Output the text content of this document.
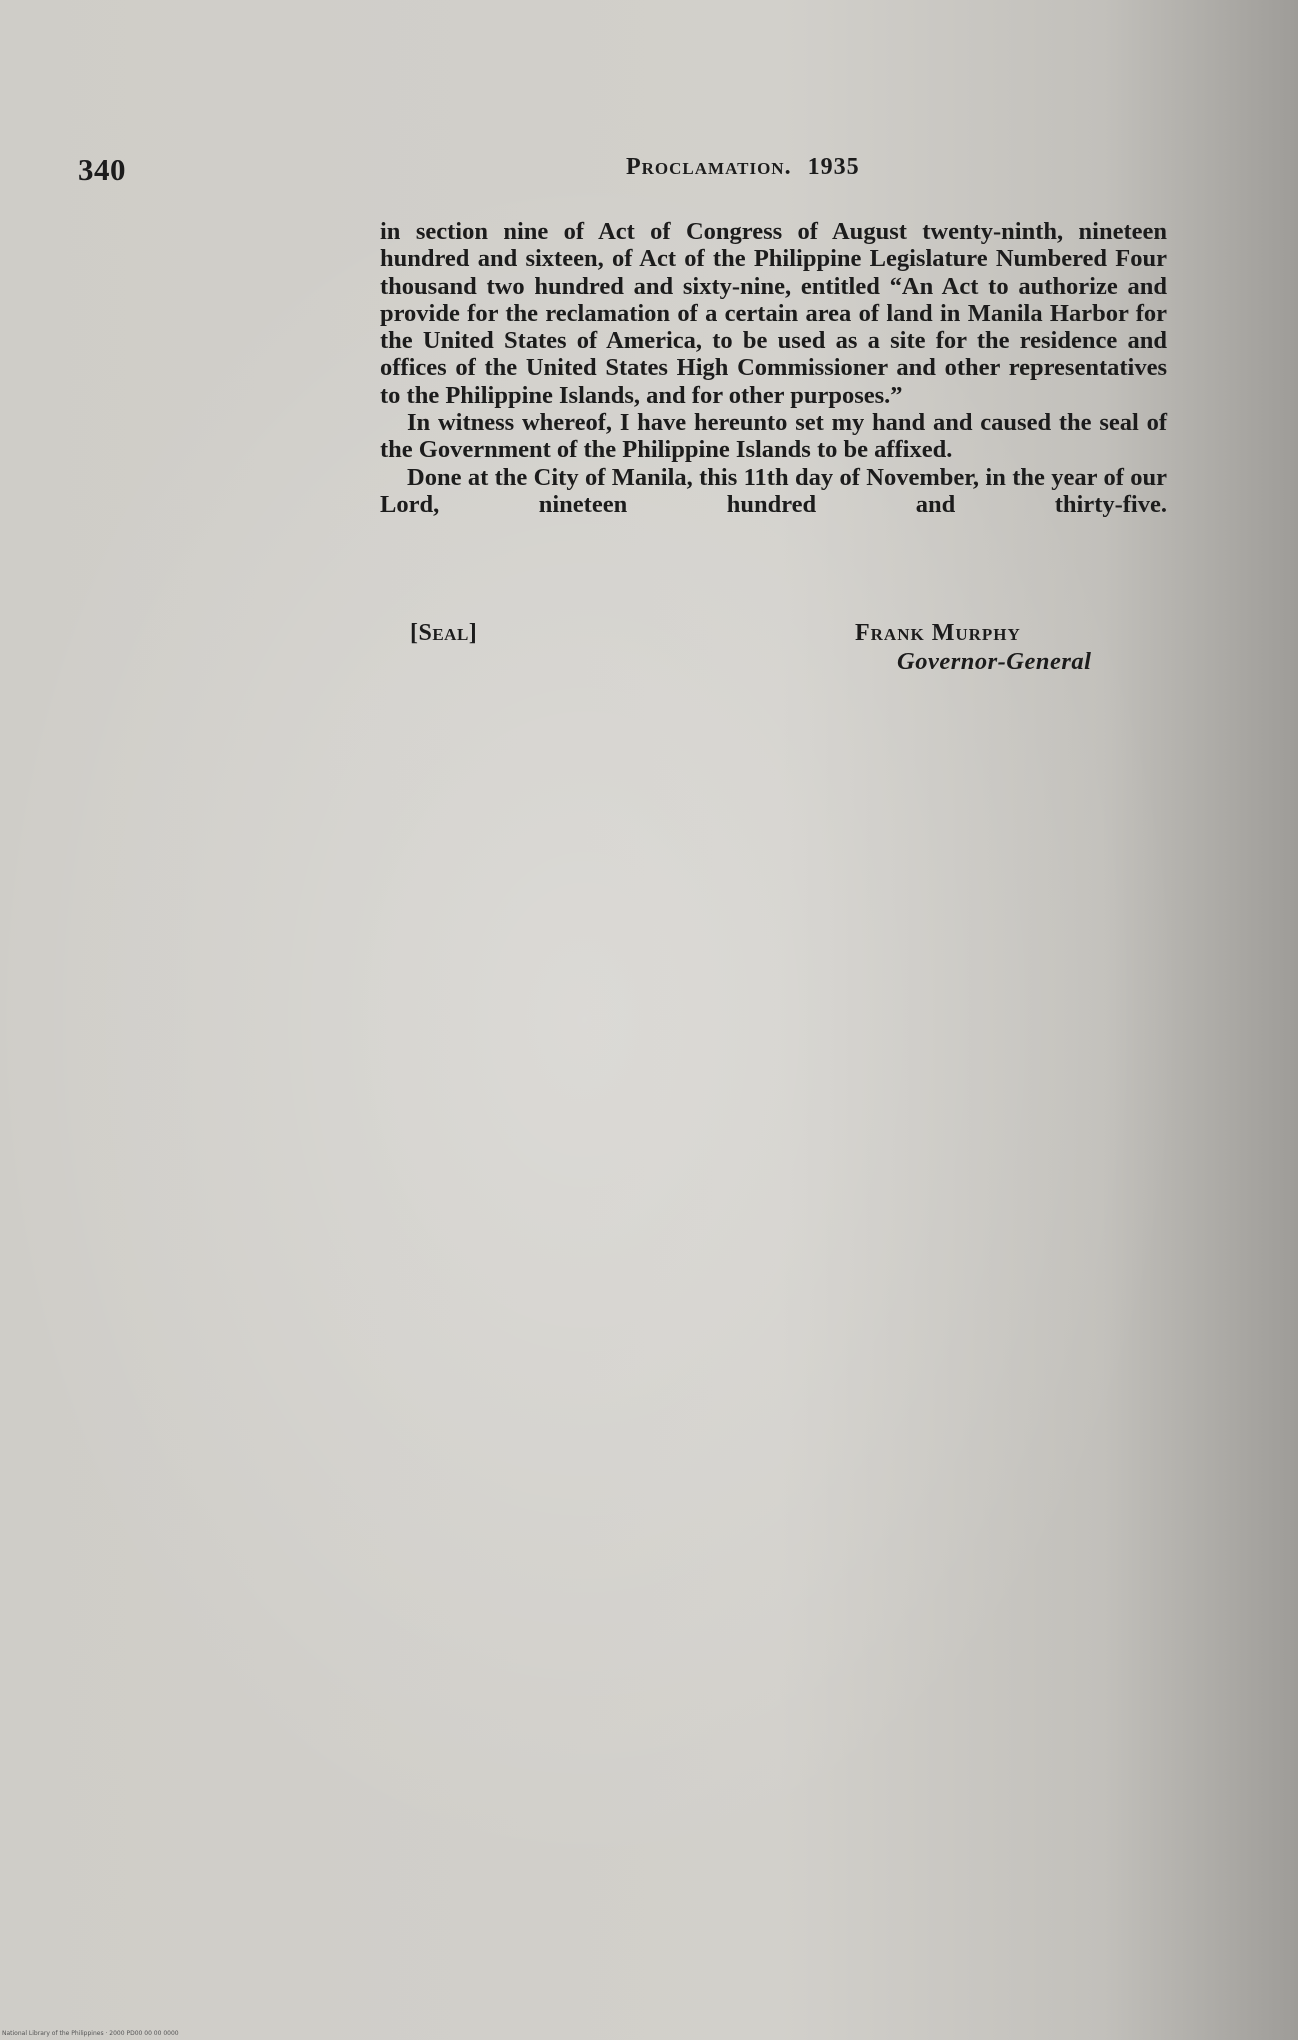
340	Proclamation. 1935

in section nine of Act of Congress of August twenty-ninth, nineteen hundred and sixteen, of Act of the Philippine Legislature Numbered Four thousand two hundred and sixty-nine, entitled “An Act to authorize and provide for the reclamation of a certain area of land in Manila Harbor for the United States of America, to be used as a site for the residence and offices of the United States High Commissioner and other representatives to the Philippine Islands, and for other purposes.”

In witness whereof, I have hereunto set my hand and caused the seal of the Government of the Philippine Islands to be affixed.

Done at the City of Manila, this 11th day of November, in the year of our Lord, nineteen hundred and thirty-five.

[Seal]	Frank Murphy
Governor-General
National Library of the Philippines · 2000 PD00 00 00 0000
